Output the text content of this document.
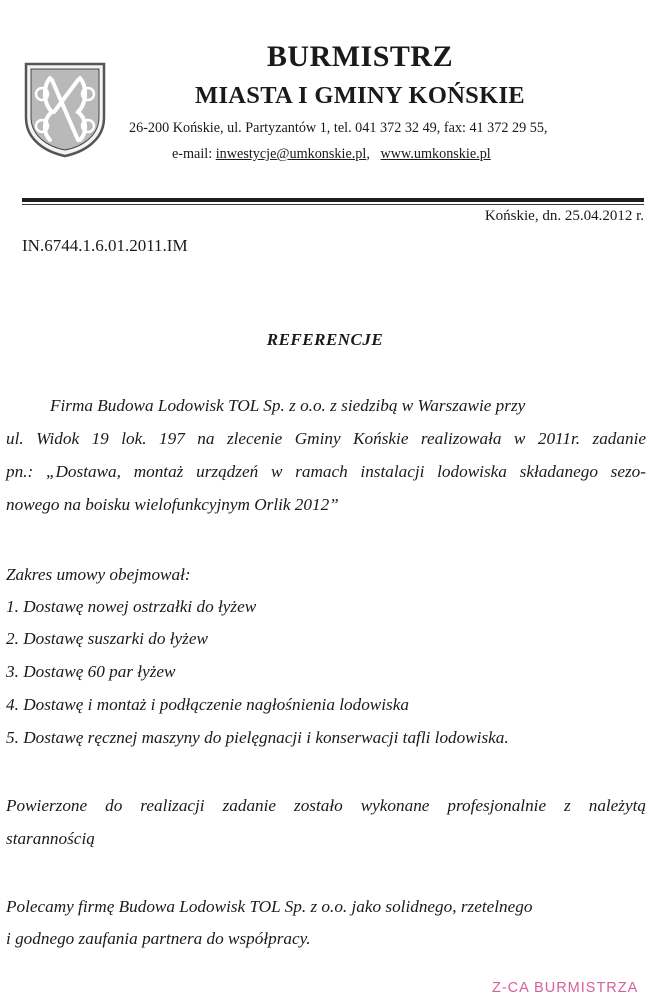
BURMISTRZ
MIASTA I GMINY KOŃSKIE
26-200 Końskie, ul. Partyzantów 1, tel. 041 372 32 49, fax: 41 372 29 55,
e-mail: inwestycje@umkonskie.pl, www.umkonskie.pl
Końskie, dn. 25.04.2012 r.
IN.6744.1.6.01.2011.IM
REFERENCJE
Firma Budowa Lodowisk TOL Sp. z o.o. z siedzibą w Warszawie przy
ul. Widok 19 lok. 197 na zlecenie Gminy Końskie realizowała w 2011r. zadanie
pn.: „Dostawa, montaż urządzeń w ramach instalacji lodowiska składanego sezo-
nowego na boisku wielofunkcyjnym Orlik 2012”
Zakres umowy obejmował:
1. Dostawę nowej ostrzałki do łyżew
2. Dostawę suszarki do łyżew
3. Dostawę 60 par łyżew
4. Dostawę i montaż i podłączenie nagłośnienia lodowiska
5. Dostawę ręcznej maszyny do pielęgnacji i konserwacji tafli lodowiska.
Powierzone do realizacji zadanie zostało wykonane profesjonalnie z należytą
starannością
Polecamy firmę Budowa Lodowisk TOL Sp. z o.o. jako solidnego, rzetelnego
i godnego zaufania partnera do współpracy.
Z-CA BURMISTRZA
